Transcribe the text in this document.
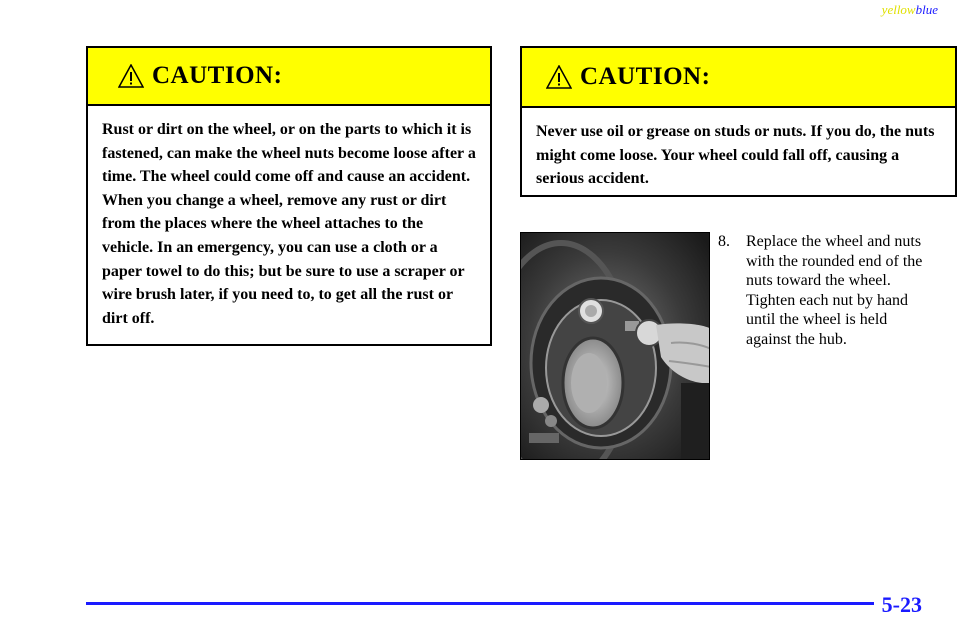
yellowblue
CAUTION:
Rust or dirt on the wheel, or on the parts to which it is fastened, can make the wheel nuts become loose after a time. The wheel could come off and cause an accident. When you change a wheel, remove any rust or dirt from the places where the wheel attaches to the vehicle. In an emergency, you can use a cloth or a paper towel to do this; but be sure to use a scraper or wire brush later, if you need to, to get all the rust or dirt off.
CAUTION:
Never use oil or grease on studs or nuts. If you do, the nuts might come loose. Your wheel could fall off, causing a serious accident.
8. Replace the wheel and nuts with the rounded end of the nuts toward the wheel. Tighten each nut by hand until the wheel is held against the hub.
5-23
